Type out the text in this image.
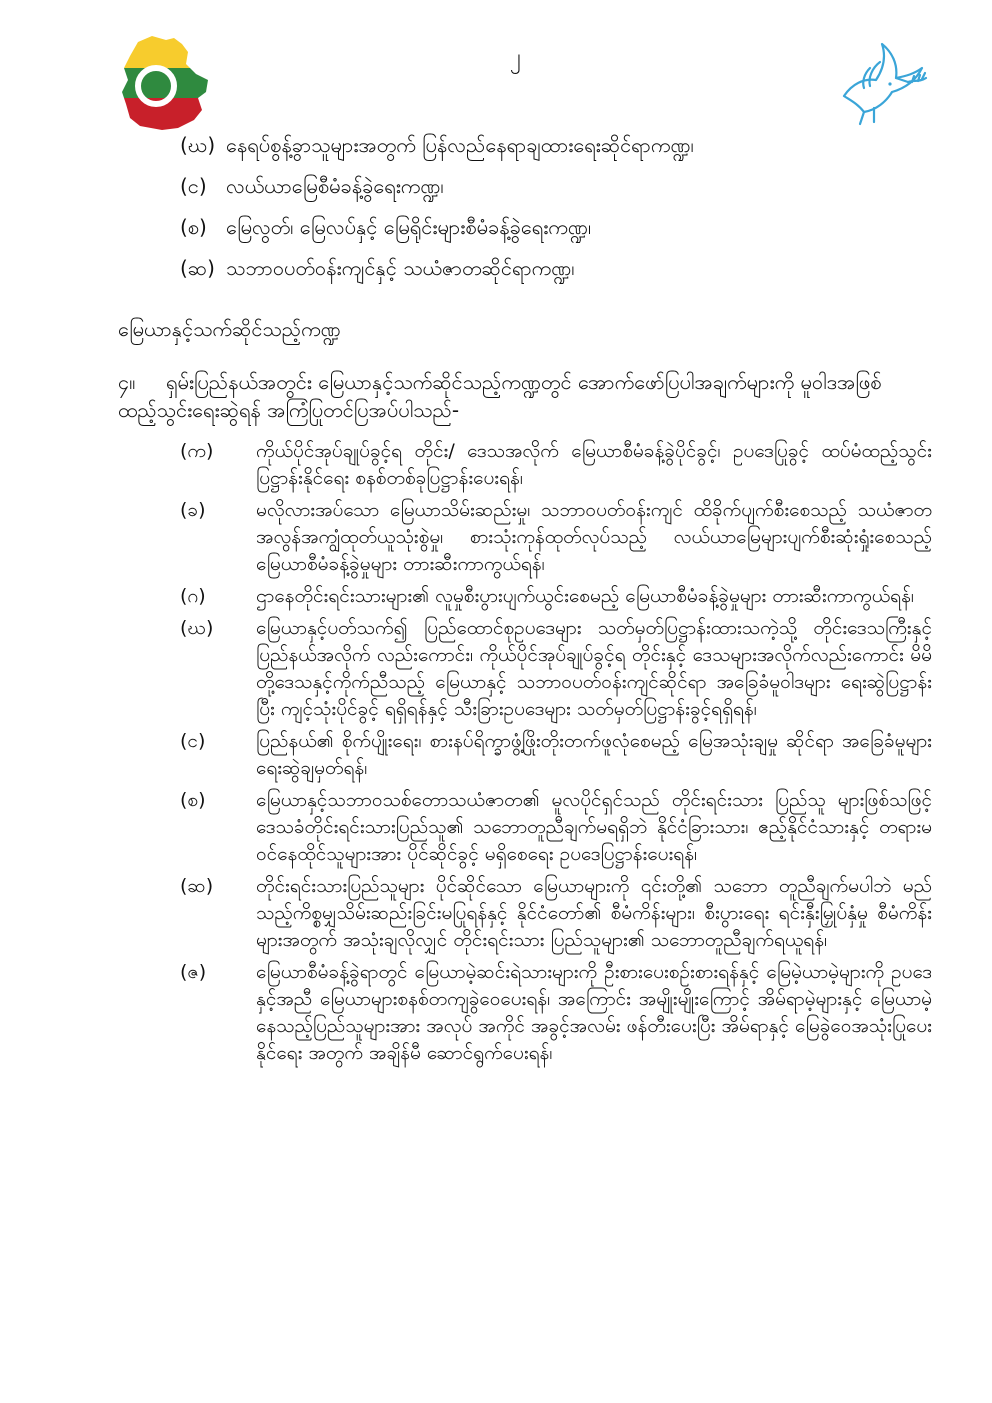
၂
(ဃ) နေရပ်စွန့်ခွာသူများအတွက် ပြန်လည်နေရာချထားရေးဆိုင်ရာကဏ္ဍ၊
(င) လယ်ယာမြေစီမံခန့်ခွဲရေးကဏ္ဍ၊
(စ) မြေလွတ်၊ မြေလပ်နှင့် မြေရိုင်းများစီမံခန့်ခွဲရေးကဏ္ဍ၊
(ဆ) သဘာဝပတ်ဝန်းကျင်နှင့် သယံဇာတဆိုင်ရာကဏ္ဍ၊
မြေယာနှင့်သက်ဆိုင်သည့်ကဏ္ဍ
၄။ ရှမ်းပြည်နယ်အတွင်း မြေယာနှင့်သက်ဆိုင်သည့်ကဏ္ဍတွင် အောက်ဖော်ပြပါအချက်များကို မူဝါဒအဖြစ် ထည့်သွင်းရေးဆွဲရန် အကြံပြုတင်ပြအပ်ပါသည်-
(က)	ကိုယ်ပိုင်အုပ်ချုပ်ခွင့်ရ တိုင်း/ ဒေသအလိုက် မြေယာစီမံခန့်ခွဲပိုင်ခွင့်၊ ဥပဒေပြုခွင့် ထပ်မံထည့်သွင်းပြဋ္ဌာန်းနိုင်ရေး စနစ်တစ်ခုပြဋ္ဌာန်းပေးရန်၊
(ခ)	မလိုလားအပ်သော မြေယာသိမ်းဆည်းမှု၊ သဘာဝပတ်ဝန်းကျင် ထိခိုက်ပျက်စီးစေသည့် သယံဇာတ အလွန်အကျွံထုတ်ယူသုံးစွဲမှု၊ စားသုံးကုန်ထုတ်လုပ်သည့် လယ်ယာမြေများပျက်စီးဆုံးရှုံးစေသည့် မြေယာစီမံခန့်ခွဲမှုများ တားဆီးကာကွယ်ရန်၊
(ဂ)	ဌာနေတိုင်းရင်းသားများ၏ လူမှုစီးပွားပျက်ယွင်းစေမည့် မြေယာစီမံခန့်ခွဲမှုများ တားဆီးကာကွယ်ရန်၊
(ဃ)	မြေယာနှင့်ပတ်သက်၍ ပြည်ထောင်စုဥပဒေများ သတ်မှတ်ပြဋ္ဌာန်းထားသကဲ့သို့ တိုင်းဒေသကြီးနှင့် ပြည်နယ်အလိုက် လည်းကောင်း၊ ကိုယ်ပိုင်အုပ်ချုပ်ခွင့်ရ တိုင်းနှင့် ဒေသများအလိုက်လည်းကောင်း မိမိတို့ဒေသနှင့်ကိုက်ညီသည့် မြေယာနှင့် သဘာဝပတ်ဝန်းကျင်ဆိုင်ရာ အခြေခံမူဝါဒများ ရေးဆွဲပြဋ္ဌာန်းပြီး ကျင့်သုံးပိုင်ခွင့် ရရှိရန်နှင့် သီးခြားဥပဒေများ သတ်မှတ်ပြဋ္ဌာန်းခွင့်ရရှိရန်၊
(င)	ပြည်နယ်၏ စိုက်ပျိုးရေး၊ စားနပ်ရိက္ခာဖွံ့ဖြိုးတိုးတက်ဖူလုံစေမည့် မြေအသုံးချမှု ဆိုင်ရာ အခြေခံမူများ ရေးဆွဲချမှတ်ရန်၊
(စ)	မြေယာနှင့်သဘာဝသစ်တောသယံဇာတ၏ မူလပိုင်ရှင်သည် တိုင်းရင်းသား ပြည်သူ များဖြစ်သဖြင့် ဒေသခံတိုင်းရင်းသားပြည်သူ၏ သဘောတူညီချက်မရရှိဘဲ နိုင်ငံခြားသား၊ ဧည့်နိုင်ငံသားနှင့် တရားမဝင်နေထိုင်သူများအား ပိုင်ဆိုင်ခွင့် မရှိစေရေး ဥပဒေပြဋ္ဌာန်းပေးရန်၊
(ဆ)	တိုင်းရင်းသားပြည်သူများ ပိုင်ဆိုင်သော မြေယာများကို ၎င်းတို့၏ သဘော တူညီချက်မပါဘဲ မည်သည့်ကိစ္စမျှသိမ်းဆည်းခြင်းမပြုရန်နှင့် နိုင်ငံတော်၏ စီမံကိန်းများ၊ စီးပွားရေး ရင်းနှီးမြှုပ်နှံမှု စီမံကိန်းများအတွက် အသုံးချလိုလျှင် တိုင်းရင်းသား ပြည်သူများ၏ သဘောတူညီချက်ရယူရန်၊
(ဇ)	မြေယာစီမံခန့်ခွဲရာတွင် မြေယာမဲ့ဆင်းရဲသားများကို ဦးစားပေးစဉ်းစားရန်နှင့် မြေမဲ့ယာမဲ့များကို ဥပဒေနှင့်အညီ မြေယာများစနစ်တကျခွဲဝေပေးရန်၊ အကြောင်း အမျိုးမျိုးကြောင့် အိမ်ရာမဲ့များနှင့် မြေယာမဲ့နေသည့်ပြည်သူများအား အလုပ် အကိုင် အခွင့်အလမ်း ဖန်တီးပေးပြီး အိမ်ရာနှင့် မြေခွဲဝေအသုံးပြုပေးနိုင်ရေး အတွက် အချိန်မီ ဆောင်ရွက်ပေးရန်၊
